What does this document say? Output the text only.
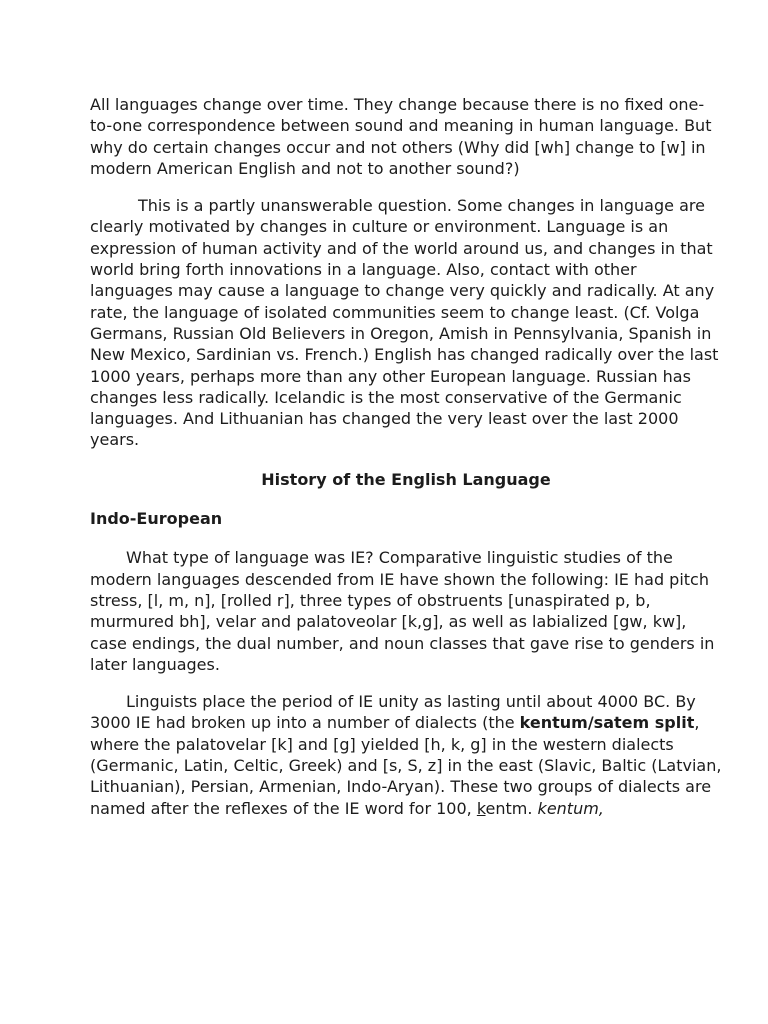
All languages change over time. They change because there is no fixed one-to-one correspondence between sound and meaning in human language. But why do certain changes occur and not others (Why did [wh] change to [w] in modern American English and not to another sound?)

This is a partly unanswerable question. Some changes in language are clearly motivated by changes in culture or environment. Language is an expression of human activity and of the world around us, and changes in that world bring forth innovations in a language. Also, contact with other languages may cause a language to change very quickly and radically. At any rate, the language of isolated communities seem to change least. (Cf. Volga Germans, Russian Old Believers in Oregon, Amish in Pennsylvania, Spanish in New Mexico, Sardinian vs. French.) English has changed radically over the last 1000 years, perhaps more than any other European language. Russian has changes less radically. Icelandic is the most conservative of the Germanic languages. And Lithuanian has changed the very least over the last 2000 years.

History of the English Language

Indo-European

What type of language was IE? Comparative linguistic studies of the modern languages descended from IE have shown the following: IE had pitch stress, [l, m, n], [rolled r], three types of obstruents [unaspirated p, b, murmured bh], velar and palatoveolar [k,g], as well as labialized [gw, kw], case endings, the dual number, and noun classes that gave rise to genders in later languages.

Linguists place the period of IE unity as lasting until about 4000 BC. By 3000 IE had broken up into a number of dialects (the kentum/satem split, where the palatovelar [k] and [g] yielded [h, k, g] in the western dialects (Germanic, Latin, Celtic, Greek) and [s, S, z] in the east (Slavic, Baltic (Latvian, Lithuanian), Persian, Armenian, Indo-Aryan). These two groups of dialects are named after the reflexes of the IE word for 100, kentm. kentum,
